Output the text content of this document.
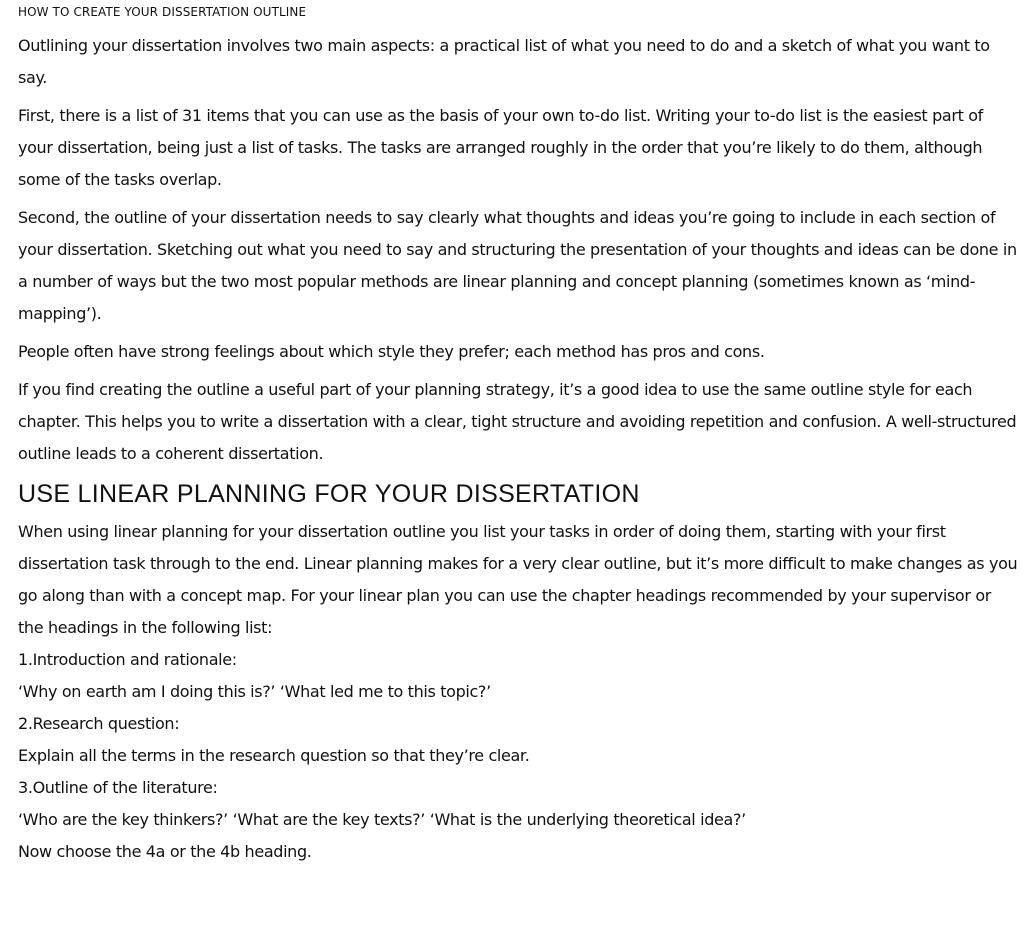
HOW TO CREATE YOUR DISSERTATION OUTLINE

Outlining your dissertation involves two main aspects: a practical list of what you need to do and a sketch of what you want to say.

First, there is a list of 31 items that you can use as the basis of your own to-do list. Writing your to-do list is the easiest part of your dissertation, being just a list of tasks. The tasks are arranged roughly in the order that you’re likely to do them, although some of the tasks overlap.

Second, the outline of your dissertation needs to say clearly what thoughts and ideas you’re going to include in each section of your dissertation. Sketching out what you need to say and structuring the presentation of your thoughts and ideas can be done in a number of ways but the two most popular methods are linear planning and concept planning (sometimes known as ‘mind-mapping’).

People often have strong feelings about which style they prefer; each method has pros and cons.

If you find creating the outline a useful part of your planning strategy, it’s a good idea to use the same outline style for each chapter. This helps you to write a dissertation with a clear, tight structure and avoiding repetition and confusion. A well-structured outline leads to a coherent dissertation.

USE LINEAR PLANNING FOR YOUR DISSERTATION

When using linear planning for your dissertation outline you list your tasks in order of doing them, starting with your first dissertation task through to the end. Linear planning makes for a very clear outline, but it’s more difficult to make changes as you go along than with a concept map. For your linear plan you can use the chapter headings recommended by your supervisor or the headings in the following list:

1.Introduction and rationale:
‘Why on earth am I doing this is?’ ‘What led me to this topic?’
2.Research question:
Explain all the terms in the research question so that they’re clear.
3.Outline of the literature:
‘Who are the key thinkers?’ ‘What are the key texts?’ ‘What is the underlying theoretical idea?’
Now choose the 4a or the 4b heading.
